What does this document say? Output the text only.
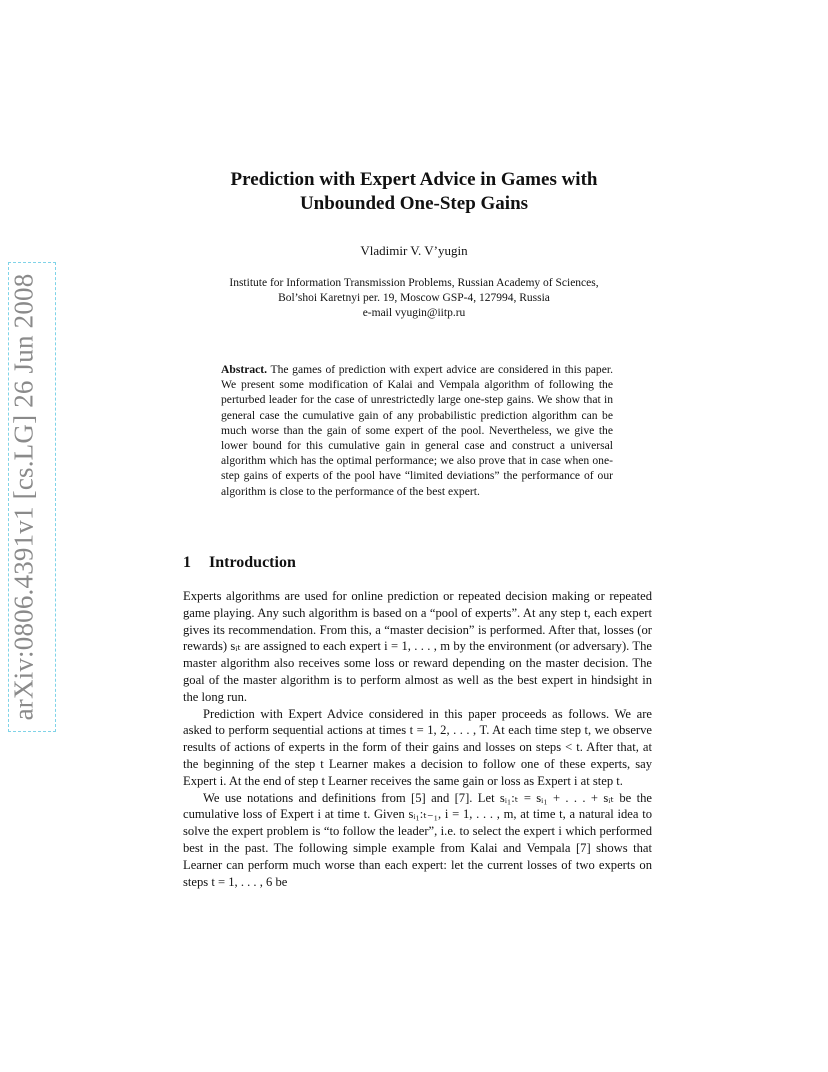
arXiv:0806.4391v1 [cs.LG] 26 Jun 2008
Prediction with Expert Advice in Games with
Unbounded One-Step Gains
Vladimir V. V’yugin
Institute for Information Transmission Problems, Russian Academy of Sciences,
Bol’shoi Karetnyi per. 19, Moscow GSP-4, 127994, Russia
e-mail vyugin@iitp.ru
Abstract. The games of prediction with expert advice are considered in this paper. We present some modification of Kalai and Vempala algorithm of following the perturbed leader for the case of unrestrictedly large one-step gains. We show that in general case the cumulative gain of any probabilistic prediction algorithm can be much worse than the gain of some expert of the pool. Nevertheless, we give the lower bound for this cumulative gain in general case and construct a universal algorithm which has the optimal performance; we also prove that in case when one-step gains of experts of the pool have “limited deviations” the performance of our algorithm is close to the performance of the best expert.
1 Introduction

Experts algorithms are used for online prediction or repeated decision making or repeated game playing. Any such algorithm is based on a “pool of experts”. At any step t, each expert gives its recommendation. From this, a “master decision” is performed. After that, losses (or rewards) sᵢₜ are assigned to each expert i = 1, . . . , m by the environment (or adversary). The master algorithm also receives some loss or reward depending on the master decision. The goal of the master algorithm is to perform almost as well as the best expert in hindsight in the long run.

Prediction with Expert Advice considered in this paper proceeds as follows. We are asked to perform sequential actions at times t = 1, 2, . . . , T. At each time step t, we observe results of actions of experts in the form of their gains and losses on steps < t. After that, at the beginning of the step t Learner makes a decision to follow one of these experts, say Expert i. At the end of step t Learner receives the same gain or loss as Expert i at step t.

We use notations and definitions from [5] and [7]. Let sᵢ₁:ₜ = sᵢ₁ + . . . + sᵢₜ be the cumulative loss of Expert i at time t. Given sᵢ₁:ₜ₋₁, i = 1, . . . , m, at time t, a natural idea to solve the expert problem is “to follow the leader”, i.e. to select the expert i which performed best in the past. The following simple example from Kalai and Vempala [7] shows that Learner can perform much worse than each expert: let the current losses of two experts on steps t = 1, . . . , 6 be
